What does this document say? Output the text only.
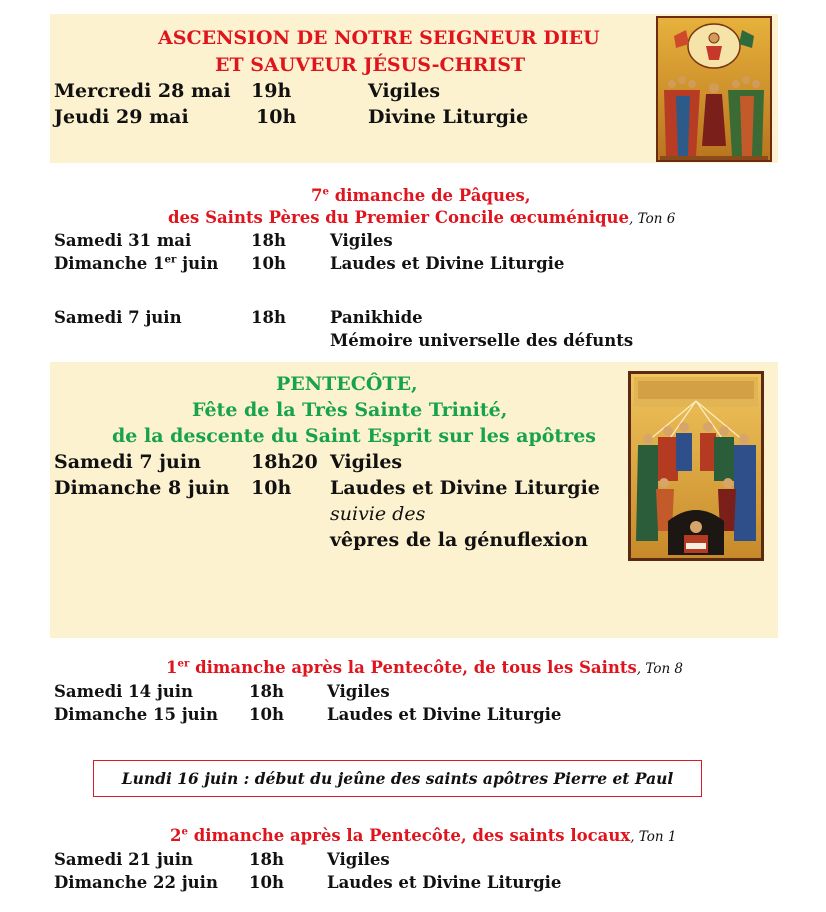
ASCENSION DE NOTRE SEIGNEUR DIEU
ET SAUVEUR JÉSUS-CHRIST
Mercredi 28 mai 19h	Vigiles
Jeudi 29 mai	10h	Divine Liturgie
7e dimanche de Pâques,
des Saints Pères du Premier Concile œcuménique, Ton 6
Samedi 31 mai	18h	Vigiles
Dimanche 1er juin 10h	Laudes et Divine Liturgie
Samedi 7 juin	18h	Panikhide
Mémoire universelle des défunts
PENTECÔTE,
Fête de la Très Sainte Trinité,
de la descente du Saint Esprit sur les apôtres
Samedi 7 juin	18h20 Vigiles
Dimanche 8 juin 10h Laudes et Divine Liturgie
suivie des
vêpres de la génuflexion
1er dimanche après la Pentecôte, de tous les Saints, Ton 8
Samedi 14 juin	18h	Vigiles
Dimanche 15 juin 10h	Laudes et Divine Liturgie
Lundi 16 juin : début du jeûne des saints apôtres Pierre et Paul
2e dimanche après la Pentecôte, des saints locaux, Ton 1
Samedi 21 juin	18h	Vigiles
Dimanche 22 juin 10h	Laudes et Divine Liturgie
